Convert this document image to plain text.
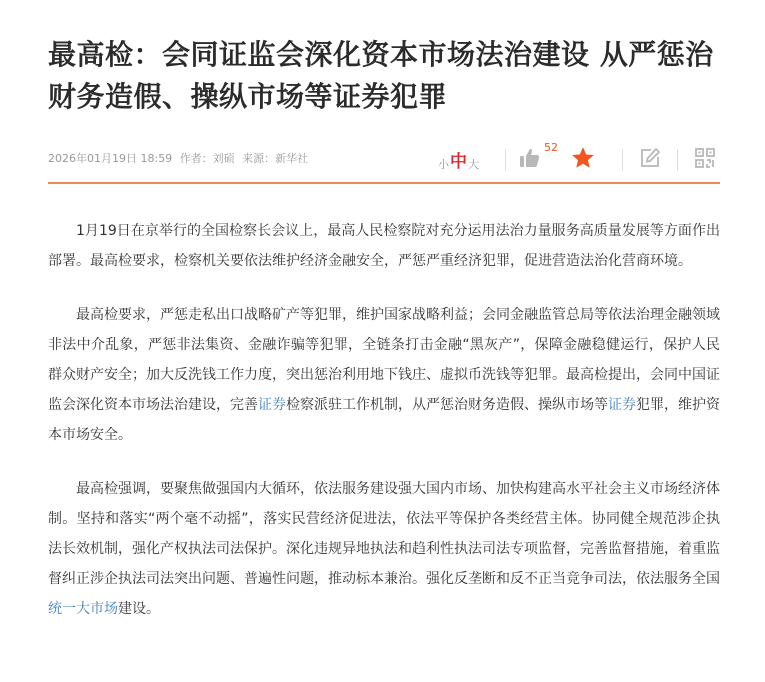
最高检：会同证监会深化资本市场法治建设 从严惩治财务造假、操纵市场等证券犯罪
2026年01月19日 18:59 作者：刘硕 来源：新华社	小 中 大
52

1月19日在京举行的全国检察长会议上，最高人民检察院对充分运用法治力量服务高质量发展等方面作出部署。最高检要求，检察机关要依法维护经济金融安全，严惩严重经济犯罪，促进营造法治化营商环境。

最高检要求，严惩走私出口战略矿产等犯罪，维护国家战略利益；会同金融监管总局等依法治理金融领域非法中介乱象，严惩非法集资、金融诈骗等犯罪，全链条打击金融“黑灰产”，保障金融稳健运行，保护人民群众财产安全；加大反洗钱工作力度，突出惩治利用地下钱庄、虚拟币洗钱等犯罪。最高检提出，会同中国证监会深化资本市场法治建设，完善证券检察派驻工作机制，从严惩治财务造假、操纵市场等证券犯罪，维护资本市场安全。

最高检强调，要聚焦做强国内大循环，依法服务建设强大国内市场、加快构建高水平社会主义市场经济体制。坚持和落实“两个毫不动摇”，落实民营经济促进法，依法平等保护各类经营主体。协同健全规范涉企执法长效机制，强化产权执法司法保护。深化违规异地执法和趋利性执法司法专项监督，完善监督措施，着重监督纠正涉企执法司法突出问题、普遍性问题，推动标本兼治。强化反垄断和反不正当竞争司法，依法服务全国统一大市场建设。
